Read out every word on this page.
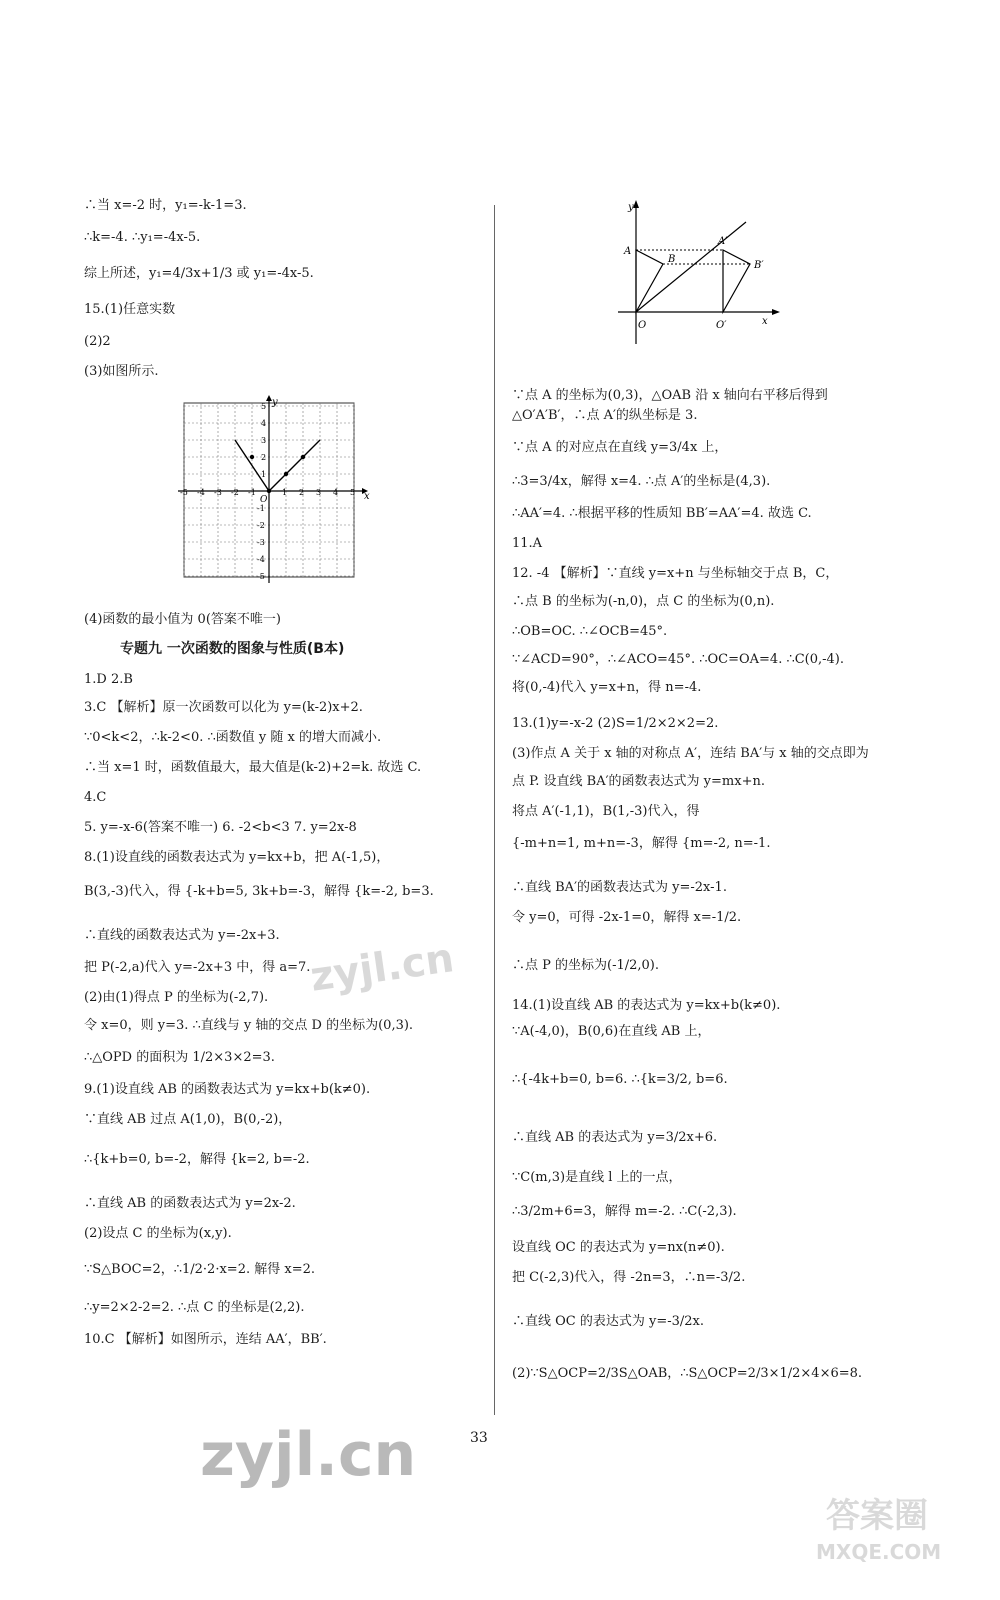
∴当 x=-2 时，y₁=-k-1=3.
∴k=-4. ∴y₁=-4x-5.
综上所述，y₁=4/3x+1/3 或 y₁=-4x-5.
15.(1)任意实数
(2)2
(3)如图所示.
(4)函数的最小值为 0(答案不唯一)
1.D 2.B
3.C 【解析】原一次函数可以化为 y=(k-2)x+2.
∵0<k<2，∴k-2<0. ∴函数值 y 随 x 的增大而减小.
∴当 x=1 时，函数值最大，最大值是(k-2)+2=k. 故选 C.
4.C
5. y=-x-6(答案不唯一) 6. -2<b<3 7. y=2x-8
8.(1)设直线的函数表达式为 y=kx+b，把 A(-1,5)，
B(3,-3)代入，得 {-k+b=5, 3k+b=-3，解得 {k=-2, b=3.
∴直线的函数表达式为 y=-2x+3.
把 P(-2,a)代入 y=-2x+3 中，得 a=7.
(2)由(1)得点 P 的坐标为(-2,7).
令 x=0，则 y=3. ∴直线与 y 轴的交点 D 的坐标为(0,3).
∴△OPD 的面积为 1/2×3×2=3.
9.(1)设直线 AB 的函数表达式为 y=kx+b(k≠0).
∵直线 AB 过点 A(1,0)，B(0,-2)，
∴{k+b=0, b=-2，解得 {k=2, b=-2.
∴直线 AB 的函数表达式为 y=2x-2.
(2)设点 C 的坐标为(x,y).
∵S△BOC=2，∴1/2·2·x=2. 解得 x=2.
∴y=2×2-2=2. ∴点 C 的坐标是(2,2).
10.C 【解析】如图所示，连结 AA′，BB′.
专题九 一次函数的图象与性质(B本)
y
x
O
-5 -4 -3 -2 -1	1 2 3 4 5
5
4
3
2
1
-1
-2
-3
-4
-5
∵点 A 的坐标为(0,3)，△OAB 沿 x 轴向右平移后得到
△O′A′B′，∴点 A′的纵坐标是 3.
∵点 A 的对应点在直线 y=3/4x 上，
∴3=3/4x，解得 x=4. ∴点 A′的坐标是(4,3).
∴AA′=4. ∴根据平移的性质知 BB′=AA′=4. 故选 C.
11.A
12. -4 【解析】∵直线 y=x+n 与坐标轴交于点 B，C，
∴点 B 的坐标为(-n,0)，点 C 的坐标为(0,n).
∴OB=OC. ∴∠OCB=45°.
∵∠ACD=90°，∴∠ACO=45°. ∴OC=OA=4. ∴C(0,-4).
将(0,-4)代入 y=x+n，得 n=-4.
13.(1)y=-x-2 (2)S=1/2×2×2=2.
(3)作点 A 关于 x 轴的对称点 A′，连结 BA′与 x 轴的交点即为
点 P. 设直线 BA′的函数表达式为 y=mx+n.
将点 A′(-1,1)，B(1,-3)代入，得
{-m+n=1, m+n=-3，解得 {m=-2, n=-1.
∴直线 BA′的函数表达式为 y=-2x-1.
令 y=0，可得 -2x-1=0，解得 x=-1/2.
∴点 P 的坐标为(-1/2,0).
14.(1)设直线 AB 的表达式为 y=kx+b(k≠0).
∵A(-4,0)，B(0,6)在直线 AB 上，
∴{-4k+b=0, b=6. ∴{k=3/2, b=6.
∴直线 AB 的表达式为 y=3/2x+6.
∵C(m,3)是直线 l 上的一点，
∴3/2m+6=3，解得 m=-2. ∴C(-2,3).
设直线 OC 的表达式为 y=nx(n≠0).
把 C(-2,3)代入，得 -2n=3，∴n=-3/2.
∴直线 OC 的表达式为 y=-3/2x.
(2)∵S△OCP=2/3S△OAB，∴S△OCP=2/3×1/2×4×6=8.
y
x
A
B
A′
B′
O	O′
33
zyjl.cn
zyjl.cn
答案圈
MXQE.COM
